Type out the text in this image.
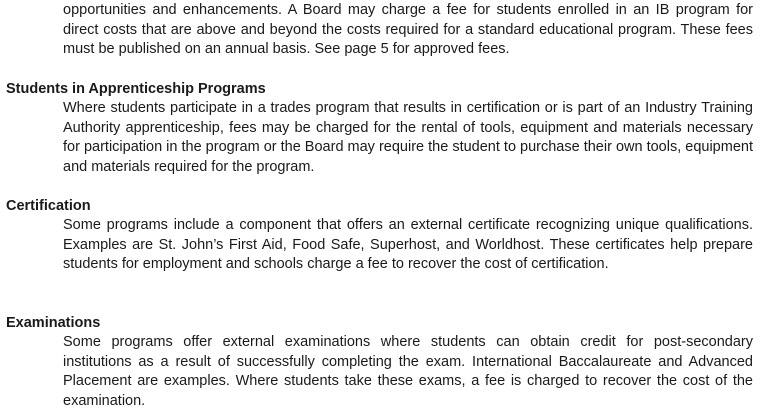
opportunities and enhancements. A Board may charge a fee for students enrolled in an IB program for direct costs that are above and beyond the costs required for a standard educational program. These fees must be published on an annual basis. See page 5 for approved fees.

Students in Apprenticeship Programs

Where students participate in a trades program that results in certification or is part of an Industry Training Authority apprenticeship, fees may be charged for the rental of tools, equipment and materials necessary for participation in the program or the Board may require the student to purchase their own tools, equipment and materials required for the program.

Certification

Some programs include a component that offers an external certificate recognizing unique qualifications. Examples are St. John’s First Aid, Food Safe, Superhost, and Worldhost. These certificates help prepare students for employment and schools charge a fee to recover the cost of certification.

Examinations

Some programs offer external examinations where students can obtain credit for post-secondary institutions as a result of successfully completing the exam. International Baccalaureate and Advanced Placement are examples. Where students take these exams, a fee is charged to recover the cost of the examination.
